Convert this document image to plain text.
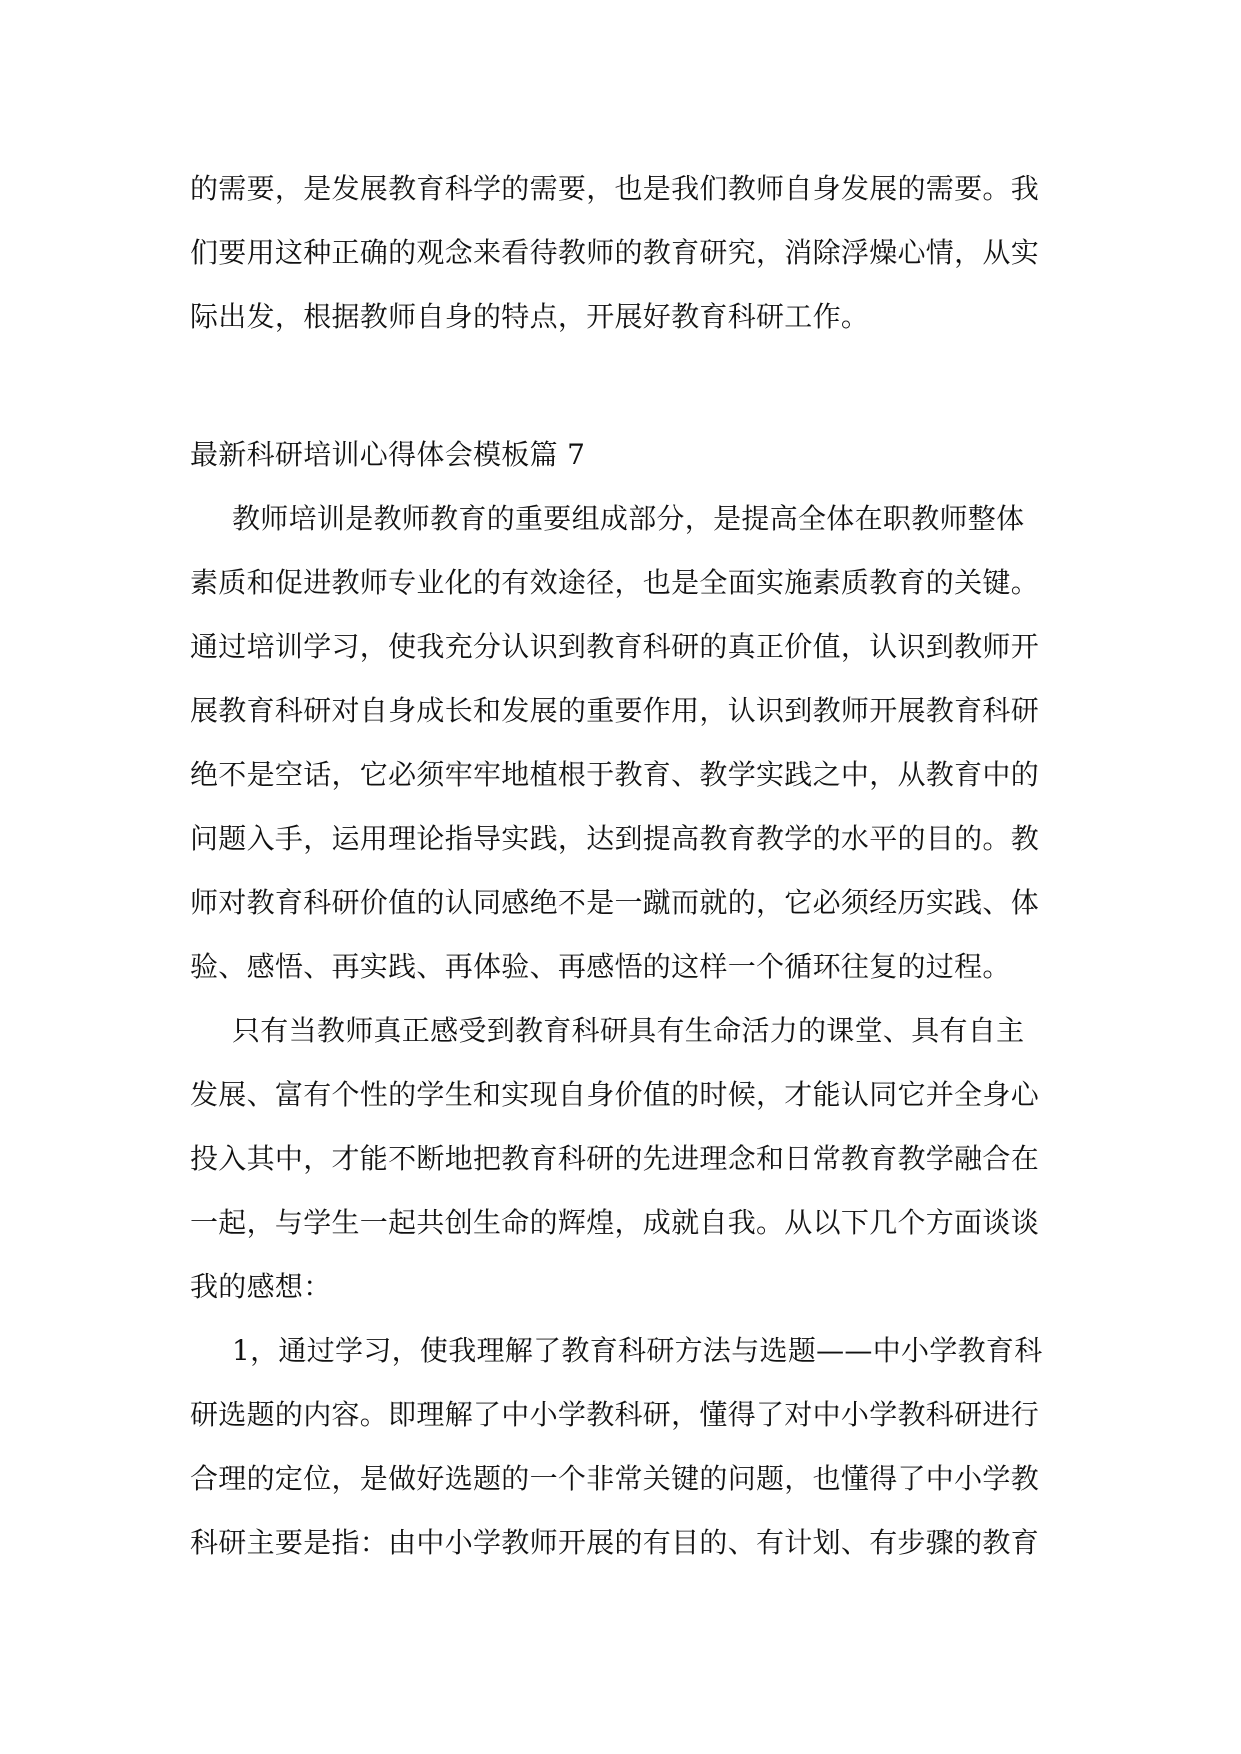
的需要，是发展教育科学的需要，也是我们教师自身发展的需要。我
们要用这种正确的观念来看待教师的教育研究，消除浮燥心情，从实
际出发，根据教师自身的特点，开展好教育科研工作。
最新科研培训心得体会模板篇 7
教师培训是教师教育的重要组成部分，是提高全体在职教师整体
素质和促进教师专业化的有效途径，也是全面实施素质教育的关键。
通过培训学习，使我充分认识到教育科研的真正价值，认识到教师开
展教育科研对自身成长和发展的重要作用，认识到教师开展教育科研
绝不是空话，它必须牢牢地植根于教育、教学实践之中，从教育中的
问题入手，运用理论指导实践，达到提高教育教学的水平的目的。教
师对教育科研价值的认同感绝不是一蹴而就的，它必须经历实践、体
验、感悟、再实践、再体验、再感悟的这样一个循环往复的过程。
只有当教师真正感受到教育科研具有生命活力的课堂、具有自主
发展、富有个性的学生和实现自身价值的时候，才能认同它并全身心
投入其中，才能不断地把教育科研的先进理念和日常教育教学融合在
一起，与学生一起共创生命的辉煌，成就自我。从以下几个方面谈谈
我的感想：
1，通过学习，使我理解了教育科研方法与选题——中小学教育科
研选题的内容。即理解了中小学教科研，懂得了对中小学教科研进行
合理的定位，是做好选题的一个非常关键的问题，也懂得了中小学教
科研主要是指：由中小学教师开展的有目的、有计划、有步骤的教育
